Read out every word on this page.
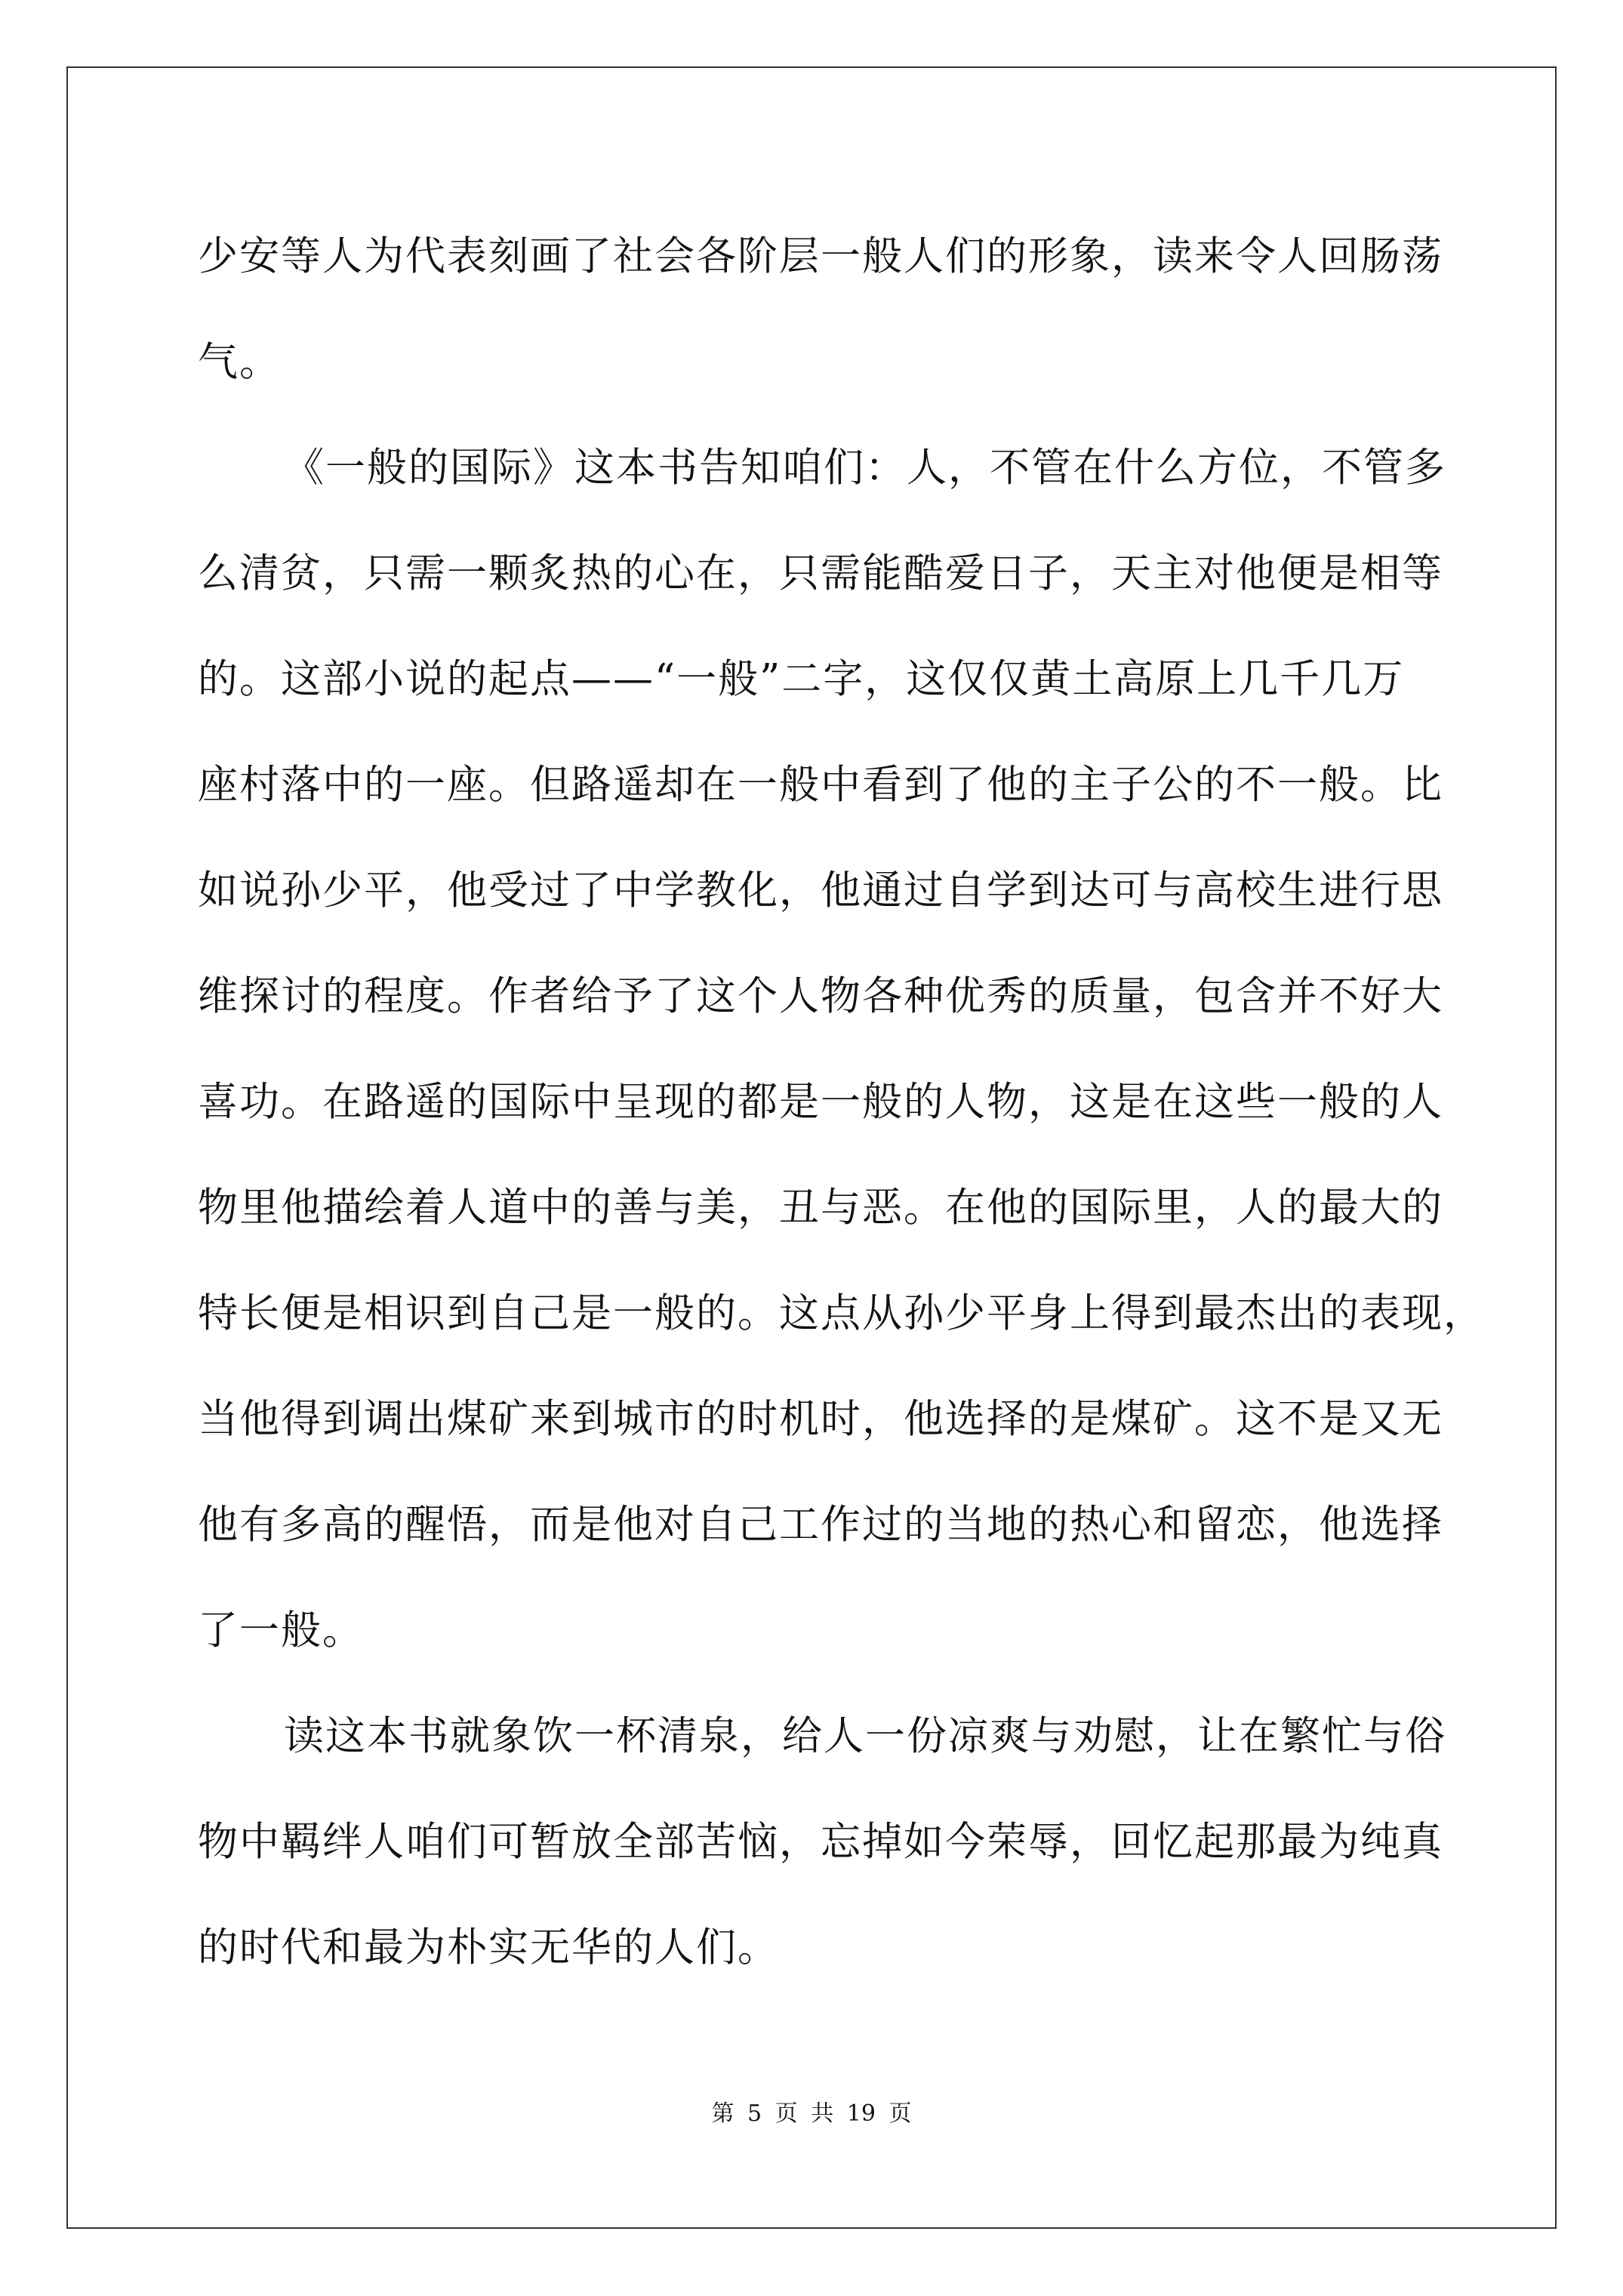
少安等人为代表刻画了社会各阶层一般人们的形象，读来令人回肠荡
气。
《一般的国际》这本书告知咱们：人，不管在什么方位，不管多
么清贫，只需一颗炙热的心在，只需能酷爱日子，天主对他便是相等
的。这部小说的起点——“一般”二字，这仅仅黄土高原上几千几万
座村落中的一座。但路遥却在一般中看到了他的主子公的不一般。比
如说孙少平，他受过了中学教化，他通过自学到达可与高校生进行思
维探讨的程度。作者给予了这个人物各种优秀的质量，包含并不好大
喜功。在路遥的国际中呈现的都是一般的人物，这是在这些一般的人
物里他描绘着人道中的善与美，丑与恶。在他的国际里，人的最大的
特长便是相识到自己是一般的。这点从孙少平身上得到最杰出的表现，
当他得到调出煤矿来到城市的时机时，他选择的是煤矿。这不是又无
他有多高的醒悟，而是他对自己工作过的当地的热心和留恋，他选择
了一般。
读这本书就象饮一杯清泉，给人一份凉爽与劝慰，让在繁忙与俗
物中羁绊人咱们可暂放全部苦恼，忘掉如今荣辱，回忆起那最为纯真
的时代和最为朴实无华的人们。
第 5 页 共 19 页
